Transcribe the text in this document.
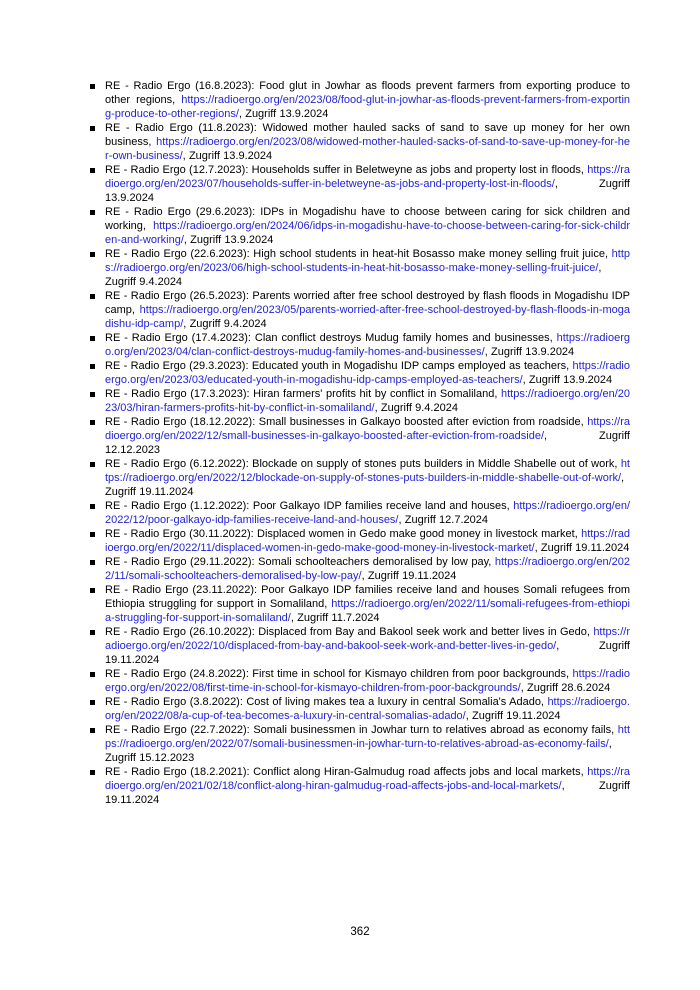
RE - Radio Ergo (16.8.2023): Food glut in Jowhar as floods prevent farmers from exporting produce to other regions, https://radioergo.org/en/2023/08/food-glut-in-jowhar-as-floods-prevent-farmers-from-exporting-produce-to-other-regions/, Zugriff 13.9.2024
RE - Radio Ergo (11.8.2023): Widowed mother hauled sacks of sand to save up money for her own business, https://radioergo.org/en/2023/08/widowed-mother-hauled-sacks-of-sand-to-save-up-money-for-her-own-business/, Zugriff 13.9.2024
RE - Radio Ergo (12.7.2023): Households suffer in Beletweyne as jobs and property lost in floods, https://radioergo.org/en/2023/07/households-suffer-in-beletweyne-as-jobs-and-property-lost-in-floods/, Zugriff 13.9.2024
RE - Radio Ergo (29.6.2023): IDPs in Mogadishu have to choose between caring for sick children and working, https://radioergo.org/en/2024/06/idps-in-mogadishu-have-to-choose-between-caring-for-sick-children-and-working/, Zugriff 13.9.2024
RE - Radio Ergo (22.6.2023): High school students in heat-hit Bosasso make money selling fruit juice, https://radioergo.org/en/2023/06/high-school-students-in-heat-hit-bosasso-make-money-selling-fruit-juice/, Zugriff 9.4.2024
RE - Radio Ergo (26.5.2023): Parents worried after free school destroyed by flash floods in Mogadishu IDP camp, https://radioergo.org/en/2023/05/parents-worried-after-free-school-destroyed-by-flash-floods-in-mogadishu-idp-camp/, Zugriff 9.4.2024
RE - Radio Ergo (17.4.2023): Clan conflict destroys Mudug family homes and businesses, https://radioergo.org/en/2023/04/clan-conflict-destroys-mudug-family-homes-and-businesses/, Zugriff 13.9.2024
RE - Radio Ergo (29.3.2023): Educated youth in Mogadishu IDP camps employed as teachers, https://radioergo.org/en/2023/03/educated-youth-in-mogadishu-idp-camps-employed-as-teachers/, Zugriff 13.9.2024
RE - Radio Ergo (17.3.2023): Hiran farmers' profits hit by conflict in Somaliland, https://radioergo.org/en/2023/03/hiran-farmers-profits-hit-by-conflict-in-somaliland/, Zugriff 9.4.2024
RE - Radio Ergo (18.12.2022): Small businesses in Galkayo boosted after eviction from roadside, https://radioergo.org/en/2022/12/small-businesses-in-galkayo-boosted-after-eviction-from-roadside/, Zugriff 12.12.2023
RE - Radio Ergo (6.12.2022): Blockade on supply of stones puts builders in Middle Shabelle out of work, https://radioergo.org/en/2022/12/blockade-on-supply-of-stones-puts-builders-in-middle-shabelle-out-of-work/, Zugriff 19.11.2024
RE - Radio Ergo (1.12.2022): Poor Galkayo IDP families receive land and houses, https://radioergo.org/en/2022/12/poor-galkayo-idp-families-receive-land-and-houses/, Zugriff 12.7.2024
RE - Radio Ergo (30.11.2022): Displaced women in Gedo make good money in livestock market, https://radioergo.org/en/2022/11/displaced-women-in-gedo-make-good-money-in-livestock-market/, Zugriff 19.11.2024
RE - Radio Ergo (29.11.2022): Somali schoolteachers demoralised by low pay, https://radioergo.org/en/2022/11/somali-schoolteachers-demoralised-by-low-pay/, Zugriff 19.11.2024
RE - Radio Ergo (23.11.2022): Poor Galkayo IDP families receive land and houses Somali refugees from Ethiopia struggling for support in Somaliland, https://radioergo.org/en/2022/11/somali-refugees-from-ethiopia-struggling-for-support-in-somaliland/, Zugriff 11.7.2024
RE - Radio Ergo (26.10.2022): Displaced from Bay and Bakool seek work and better lives in Gedo, https://radioergo.org/en/2022/10/displaced-from-bay-and-bakool-seek-work-and-better-lives-in-gedo/, Zugriff 19.11.2024
RE - Radio Ergo (24.8.2022): First time in school for Kismayo children from poor backgrounds, https://radioergo.org/en/2022/08/first-time-in-school-for-kismayo-children-from-poor-backgrounds/, Zugriff 28.6.2024
RE - Radio Ergo (3.8.2022): Cost of living makes tea a luxury in central Somalia's Adado, https://radioergo.org/en/2022/08/a-cup-of-tea-becomes-a-luxury-in-central-somalias-adado/, Zugriff 19.11.2024
RE - Radio Ergo (22.7.2022): Somali businessmen in Jowhar turn to relatives abroad as economy fails, https://radioergo.org/en/2022/07/somali-businessmen-in-jowhar-turn-to-relatives-abroad-as-economy-fails/, Zugriff 15.12.2023
RE - Radio Ergo (18.2.2021): Conflict along Hiran-Galmudug road affects jobs and local markets, https://radioergo.org/en/2021/02/18/conflict-along-hiran-galmudug-road-affects-jobs-and-local-markets/, Zugriff 19.11.2024
362
